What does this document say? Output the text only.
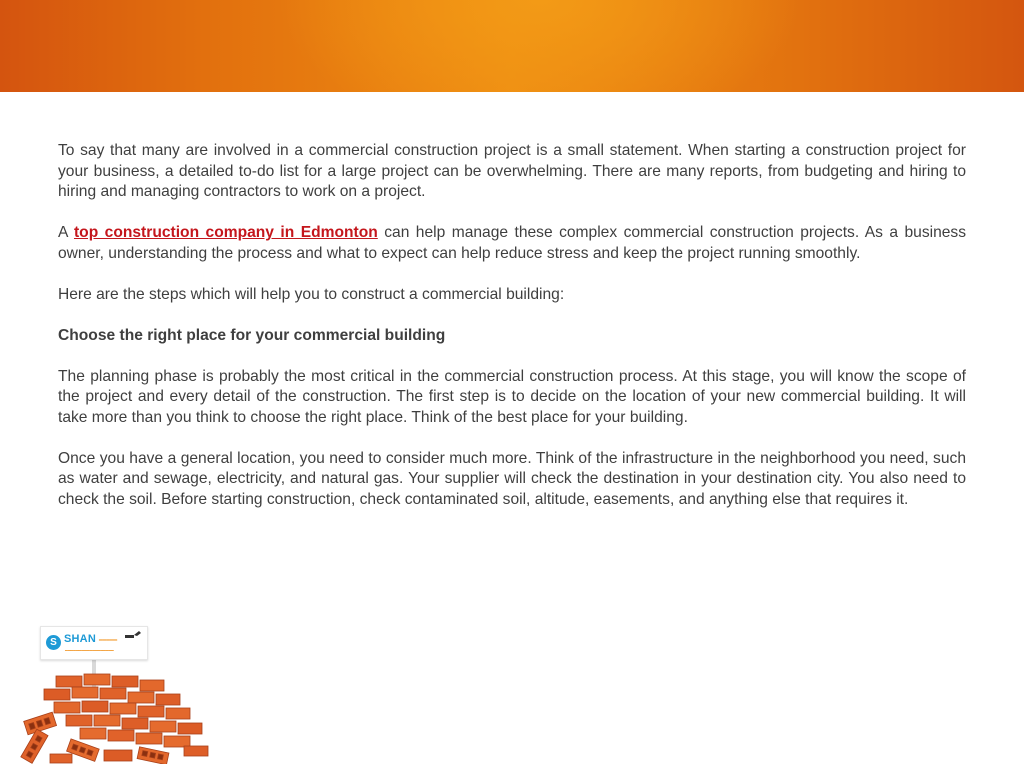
To say that many are involved in a commercial construction project is a small statement. When starting a construction project for your business, a detailed to-do list for a large project can be overwhelming. There are many reports, from budgeting and hiring to hiring and managing contractors to work on a project.

A top construction company in Edmonton can help manage these complex commercial construction projects. As a business owner, understanding the process and what to expect can help reduce stress and keep the project running smoothly.

Here are the steps which will help you to construct a commercial building:

Choose the right place for your commercial building

The planning phase is probably the most critical in the commercial construction process. At this stage, you will know the scope of the project and every detail of the construction. The first step is to decide on the location of your new commercial building. It will take more than you think to choose the right place. Think of the best place for your building.

Once you have a general location, you need to consider much more. Think of the infrastructure in the neighborhood you need, such as water and sewage, electricity, and natural gas. Your supplier will check the destination in your destination city. You also need to check the soil. Before starting construction, check contaminated soil, altitude, easements, and anything else that requires it.

S SHAN ━━━━━
━━━━━━━━━━━━━━━━━━
